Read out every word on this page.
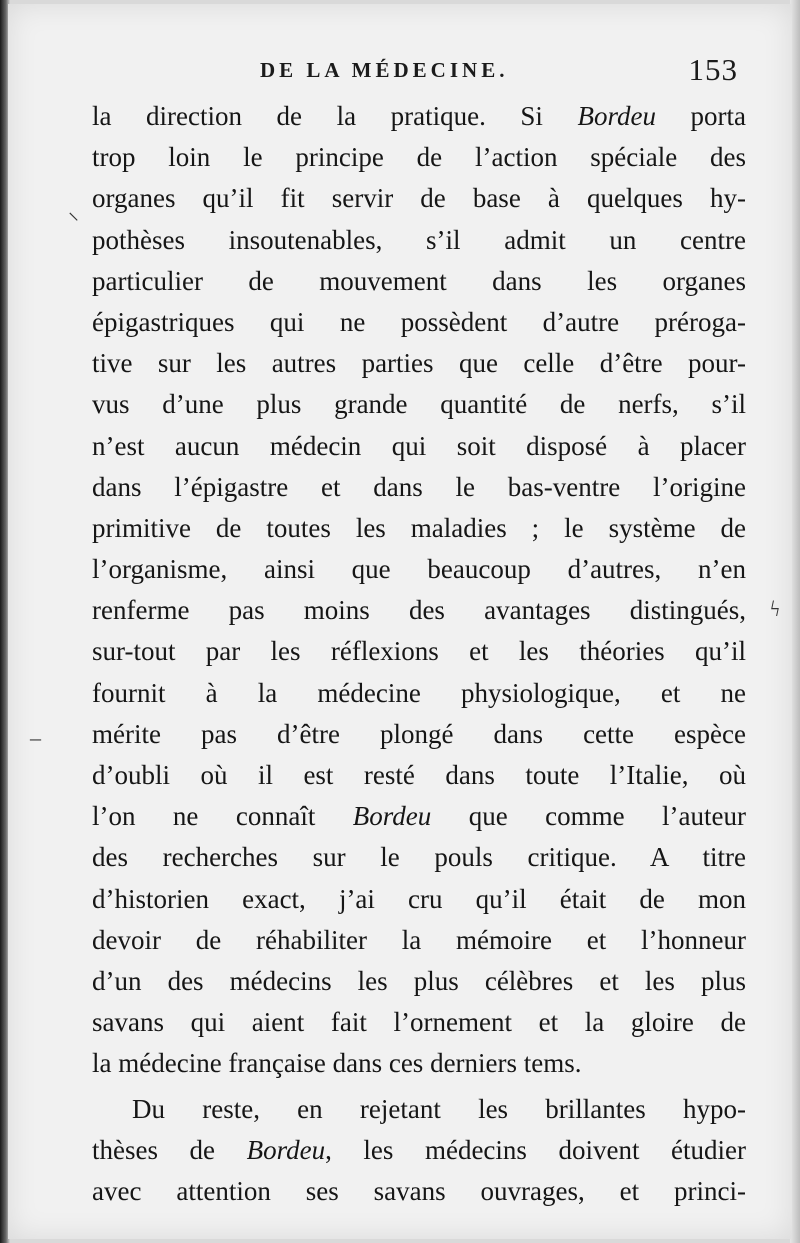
DE LA MÉDECINE.	153
⸜
–
ϟ
la direction de la pratique. Si Bordeu porta
trop loin le principe de l’action spéciale des
organes qu’il fit servir de base à quelques hy-
pothèses insoutenables, s’il admit un centre
particulier de mouvement dans les organes
épigastriques qui ne possèdent d’autre préroga-
tive sur les autres parties que celle d’être pour-
vus d’une plus grande quantité de nerfs, s’il
n’est aucun médecin qui soit disposé à placer
dans l’épigastre et dans le bas-ventre l’origine
primitive de toutes les maladies ; le système de
l’organisme, ainsi que beaucoup d’autres, n’en
renferme pas moins des avantages distingués,
sur-tout par les réflexions et les théories qu’il
fournit à la médecine physiologique, et ne
mérite pas d’être plongé dans cette espèce
d’oubli où il est resté dans toute l’Italie, où
l’on ne connaît Bordeu que comme l’auteur
des recherches sur le pouls critique. A titre
d’historien exact, j’ai cru qu’il était de mon
devoir de réhabiliter la mémoire et l’honneur
d’un des médecins les plus célèbres et les plus
savans qui aient fait l’ornement et la gloire de
la médecine française dans ces derniers tems.
Du reste, en rejetant les brillantes hypo-
thèses de Bordeu, les médecins doivent étudier
avec attention ses savans ouvrages, et princi-
